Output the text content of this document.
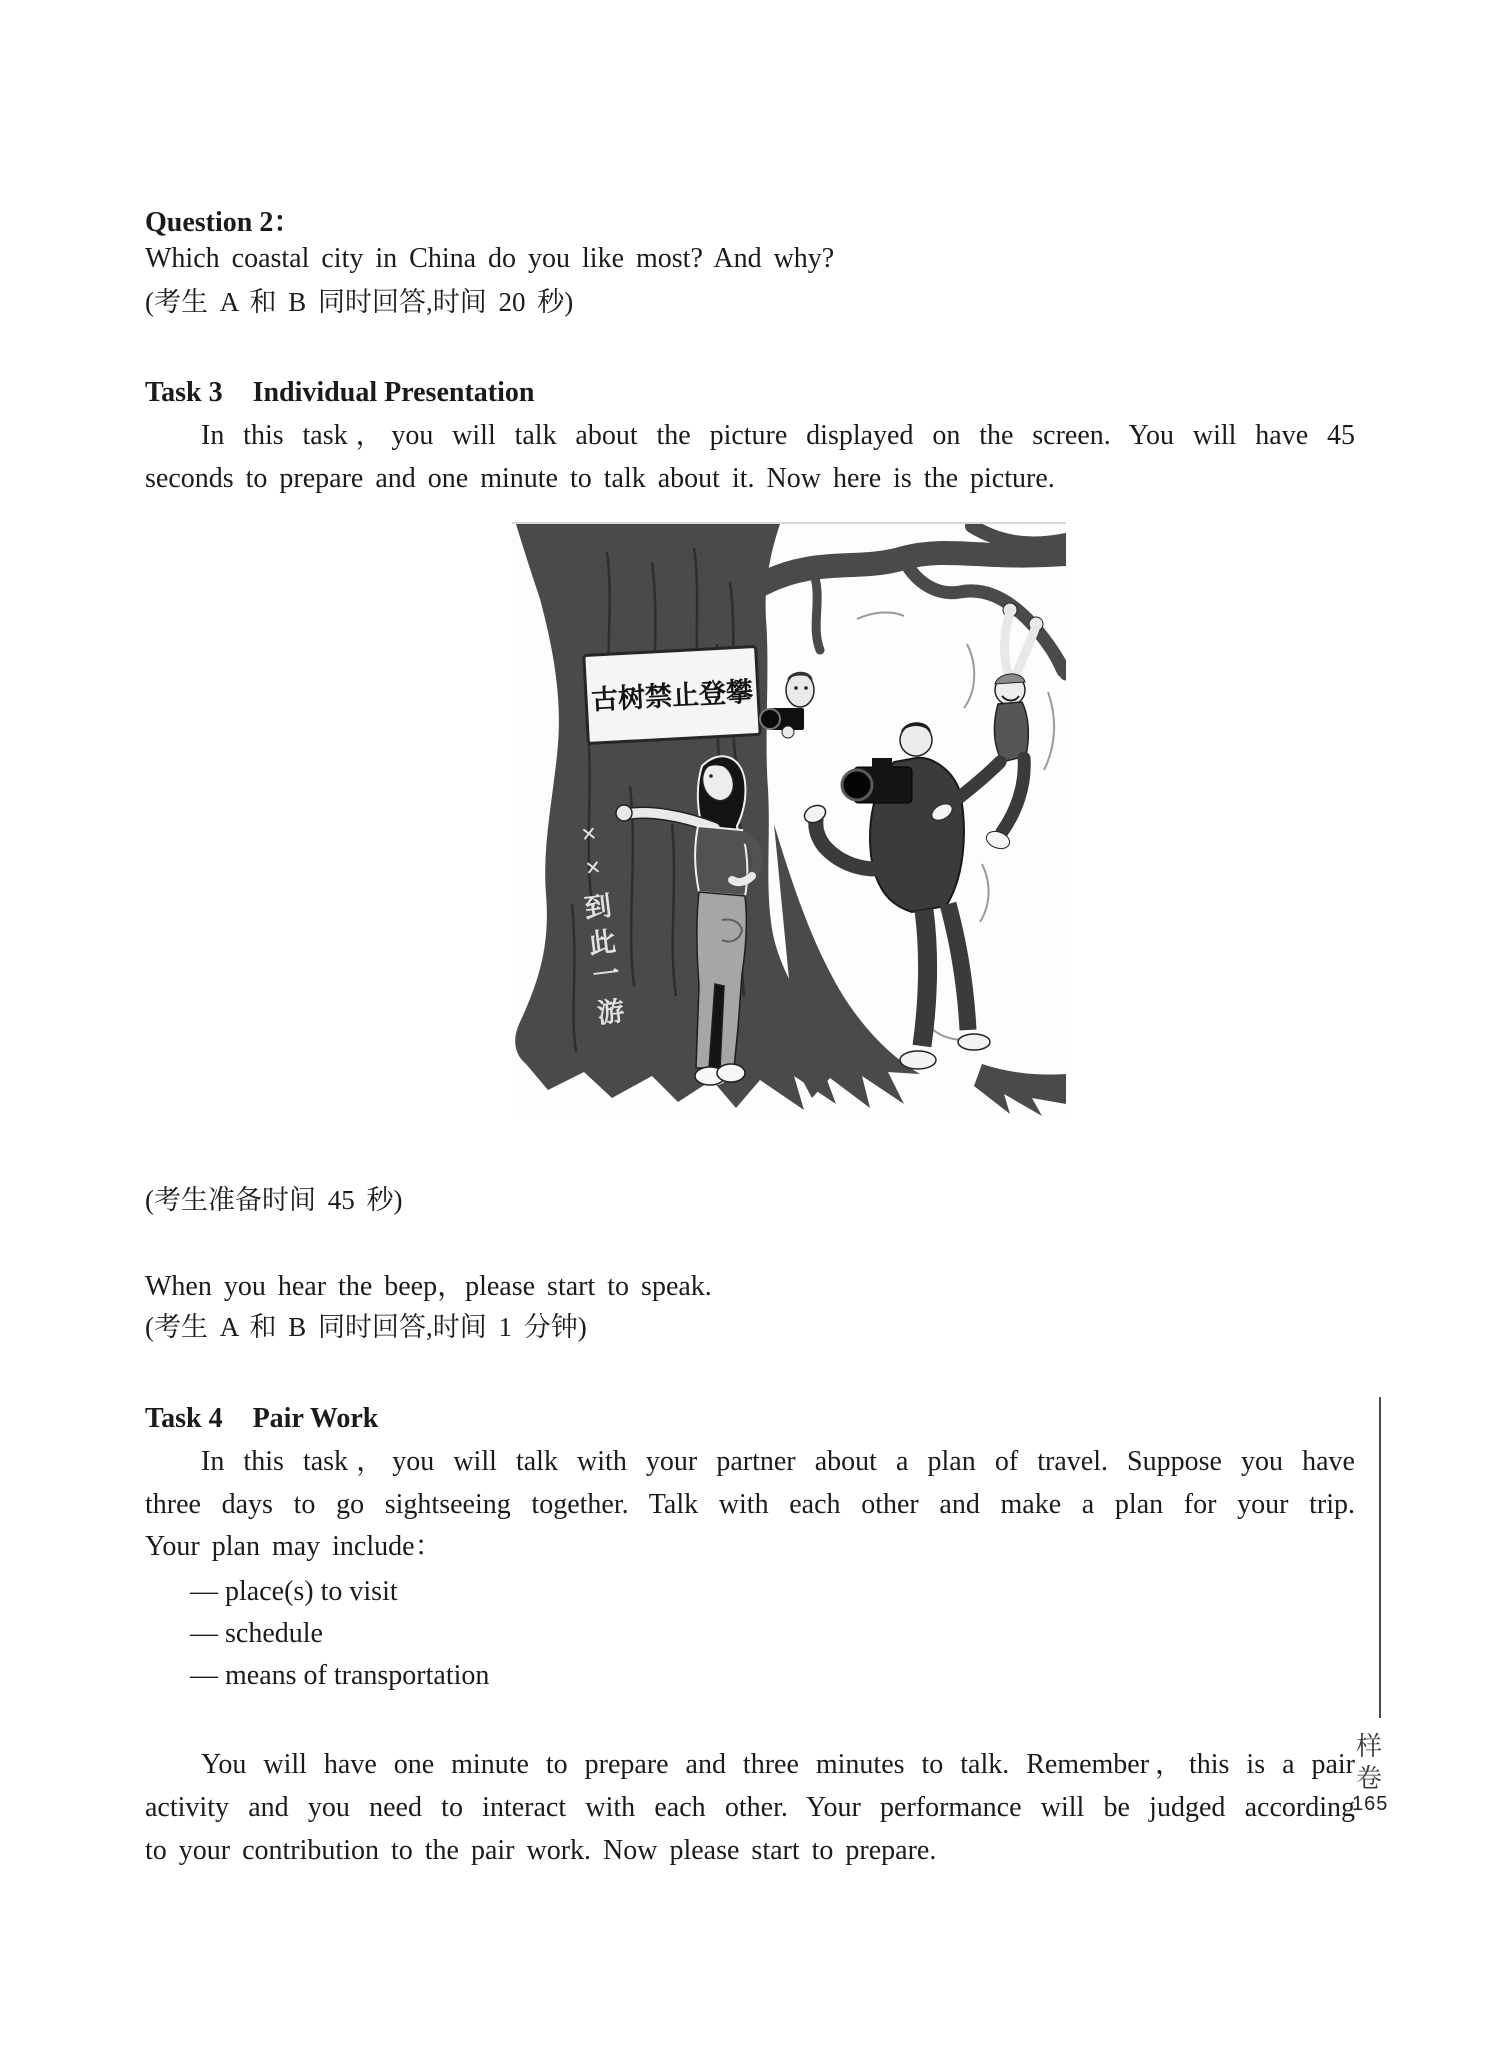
Question 2：
Which coastal city in China do you like most? And why?
(考生 A 和 B 同时回答,时间 20 秒)
Task 3 Individual Presentation
In this task，you will talk about the picture displayed on the screen. You will have 45
seconds to prepare and one minute to talk about it. Now here is the picture.
古树禁止登攀
×
×
到
此
一
游
(考生准备时间 45 秒)
When you hear the beep，please start to speak.
(考生 A 和 B 同时回答,时间 1 分钟)
Task 4 Pair Work
In this task，you will talk with your partner about a plan of travel. Suppose you have
three days to go sightseeing together. Talk with each other and make a plan for your trip.
Your plan may include：
— place(s) to visit
— schedule
— means of transportation
You will have one minute to prepare and three minutes to talk. Remember，this is a pair
activity and you need to interact with each other. Your performance will be judged according
to your contribution to the pair work. Now please start to prepare.
样
卷
165
